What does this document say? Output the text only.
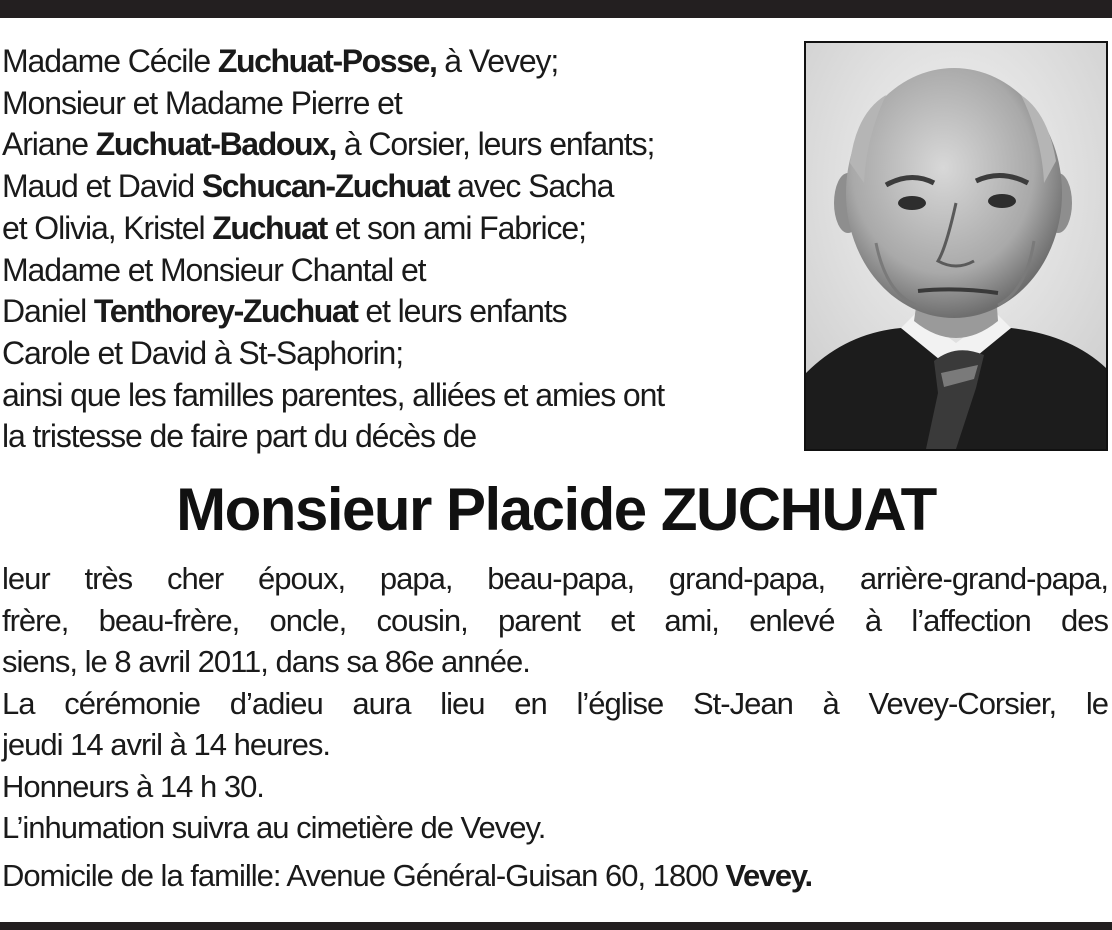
Madame Cécile Zuchuat-Posse, à Vevey;
Monsieur et Madame Pierre et
Ariane Zuchuat-Badoux, à Corsier, leurs enfants;
Maud et David Schucan-Zuchuat avec Sacha
et Olivia, Kristel Zuchuat et son ami Fabrice;
Madame et Monsieur Chantal et
Daniel Tenthorey-Zuchuat et leurs enfants
Carole et David à St-Saphorin;
ainsi que les familles parentes, alliées et amies ont
la tristesse de faire part du décès de
Monsieur Placide ZUCHUAT
leur très cher époux, papa, beau-papa, grand-papa, arrière-grand-papa,
frère, beau-frère, oncle, cousin, parent et ami, enlevé à l’affection des
siens, le 8 avril 2011, dans sa 86e année.
La cérémonie d’adieu aura lieu en l’église St-Jean à Vevey-Corsier, le
jeudi 14 avril à 14 heures.
Honneurs à 14 h 30.
L’inhumation suivra au cimetière de Vevey.
Domicile de la famille: Avenue Général-Guisan 60, 1800 Vevey.
